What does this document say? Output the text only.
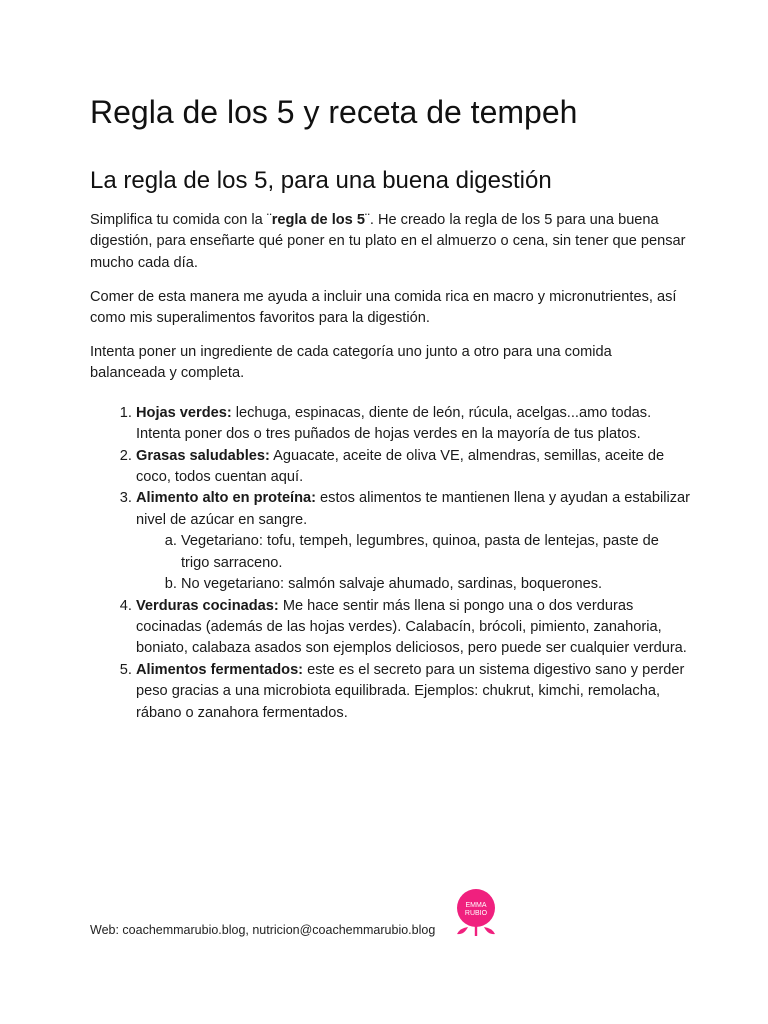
Regla de los 5 y receta de tempeh
La regla de los 5, para una buena digestión

Simplifica tu comida con la ¨regla de los 5¨. He creado la regla de los 5 para una buena digestión, para enseñarte qué poner en tu plato en el almuerzo o cena, sin tener que pensar mucho cada día.

Comer de esta manera me ayuda a incluir una comida rica en macro y micronutrientes, así como mis superalimentos favoritos para la digestión.

Intenta poner un ingrediente de cada categoría uno junto a otro para una comida balanceada y completa.

1. Hojas verdes: lechuga, espinacas, diente de león, rúcula, acelgas...amo todas. Intenta poner dos o tres puñados de hojas verdes en la mayoría de tus platos.
2. Grasas saludables: Aguacate, aceite de oliva VE, almendras, semillas, aceite de coco, todos cuentan aquí.
3. Alimento alto en proteína: estos alimentos te mantienen llena y ayudan a estabilizar nivel de azúcar en sangre.
a. Vegetariano: tofu, tempeh, legumbres, quinoa, pasta de lentejas, paste de trigo sarraceno.
b. No vegetariano: salmón salvaje ahumado, sardinas, boquerones.
4. Verduras cocinadas: Me hace sentir más llena si pongo una o dos verduras cocinadas (además de las hojas verdes). Calabacín, brócoli, pimiento, zanahoria, boniato, calabaza asados son ejemplos deliciosos, pero puede ser cualquier verdura.
5. Alimentos fermentados: este es el secreto para un sistema digestivo sano y perder peso gracias a una microbiota equilibrada. Ejemplos: chukrut, kimchi, remolacha, rábano o zanahora fermentados.
Web: coachemmarubio.blog, nutricion@coachemmarubio.blog
EMMA
RUBIO
